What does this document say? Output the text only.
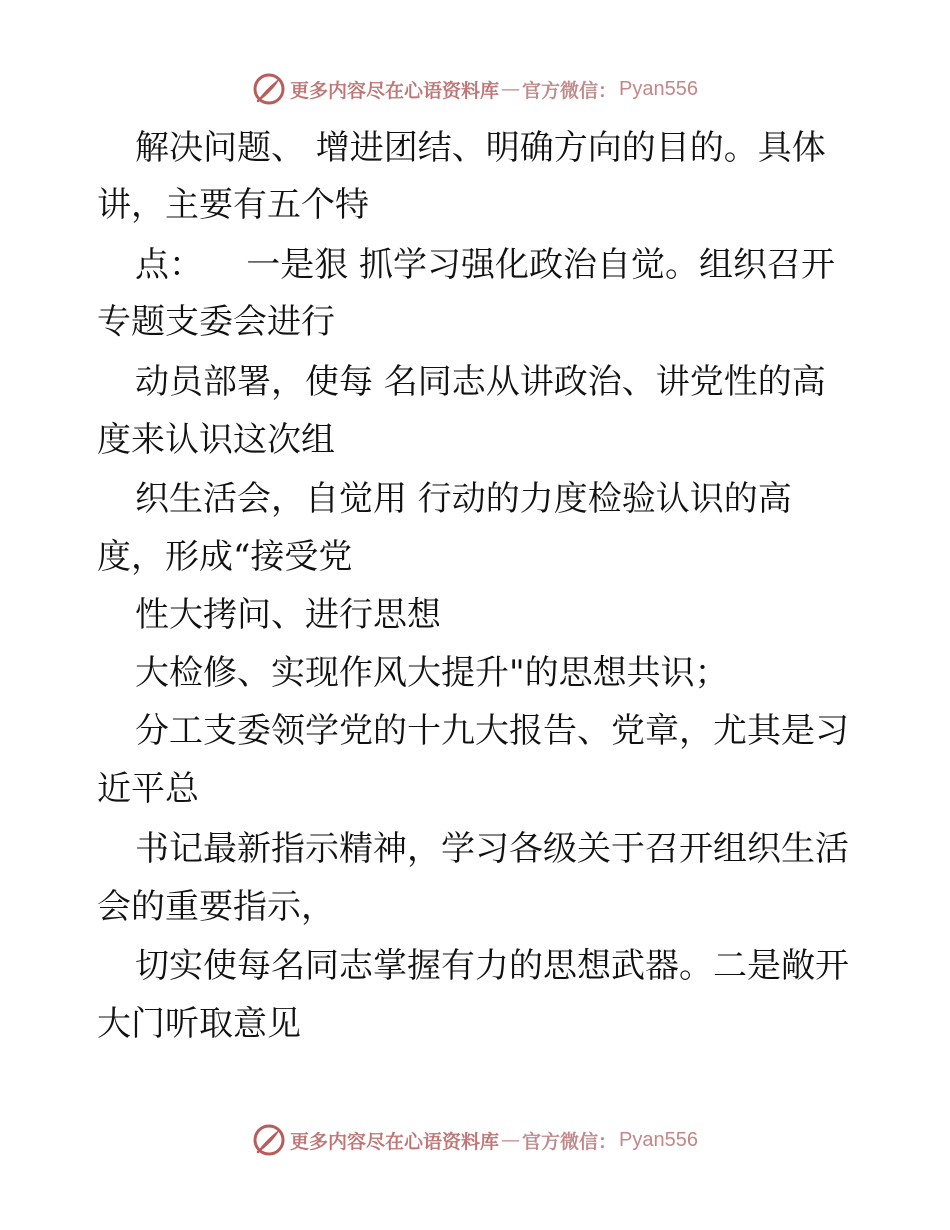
更多内容尽在心语资料库 — 官方微信： Pyan556
解决问题、 增进团结、明确方向的目的。具体
讲，主要有五个特
点：    一是狠 抓学习强化政治自觉。组织召开
专题支委会进行
动员部署，使每 名同志从讲政治、讲党性的高
度来认识这次组
织生活会，自觉用 行动的力度检验认识的高
度，形成“接受党
性大拷问、进行思想
大检修、实现作风大提升"的思想共识；
分工支委领学党的十九大报告、党章，尤其是习
近平总
书记最新指示精神，学习各级关于召开组织生活
会的重要指示，
切实使每名同志掌握有力的思想武器。二是敞开
大门听取意见
更多内容尽在心语资料库 — 官方微信： Pyan556
